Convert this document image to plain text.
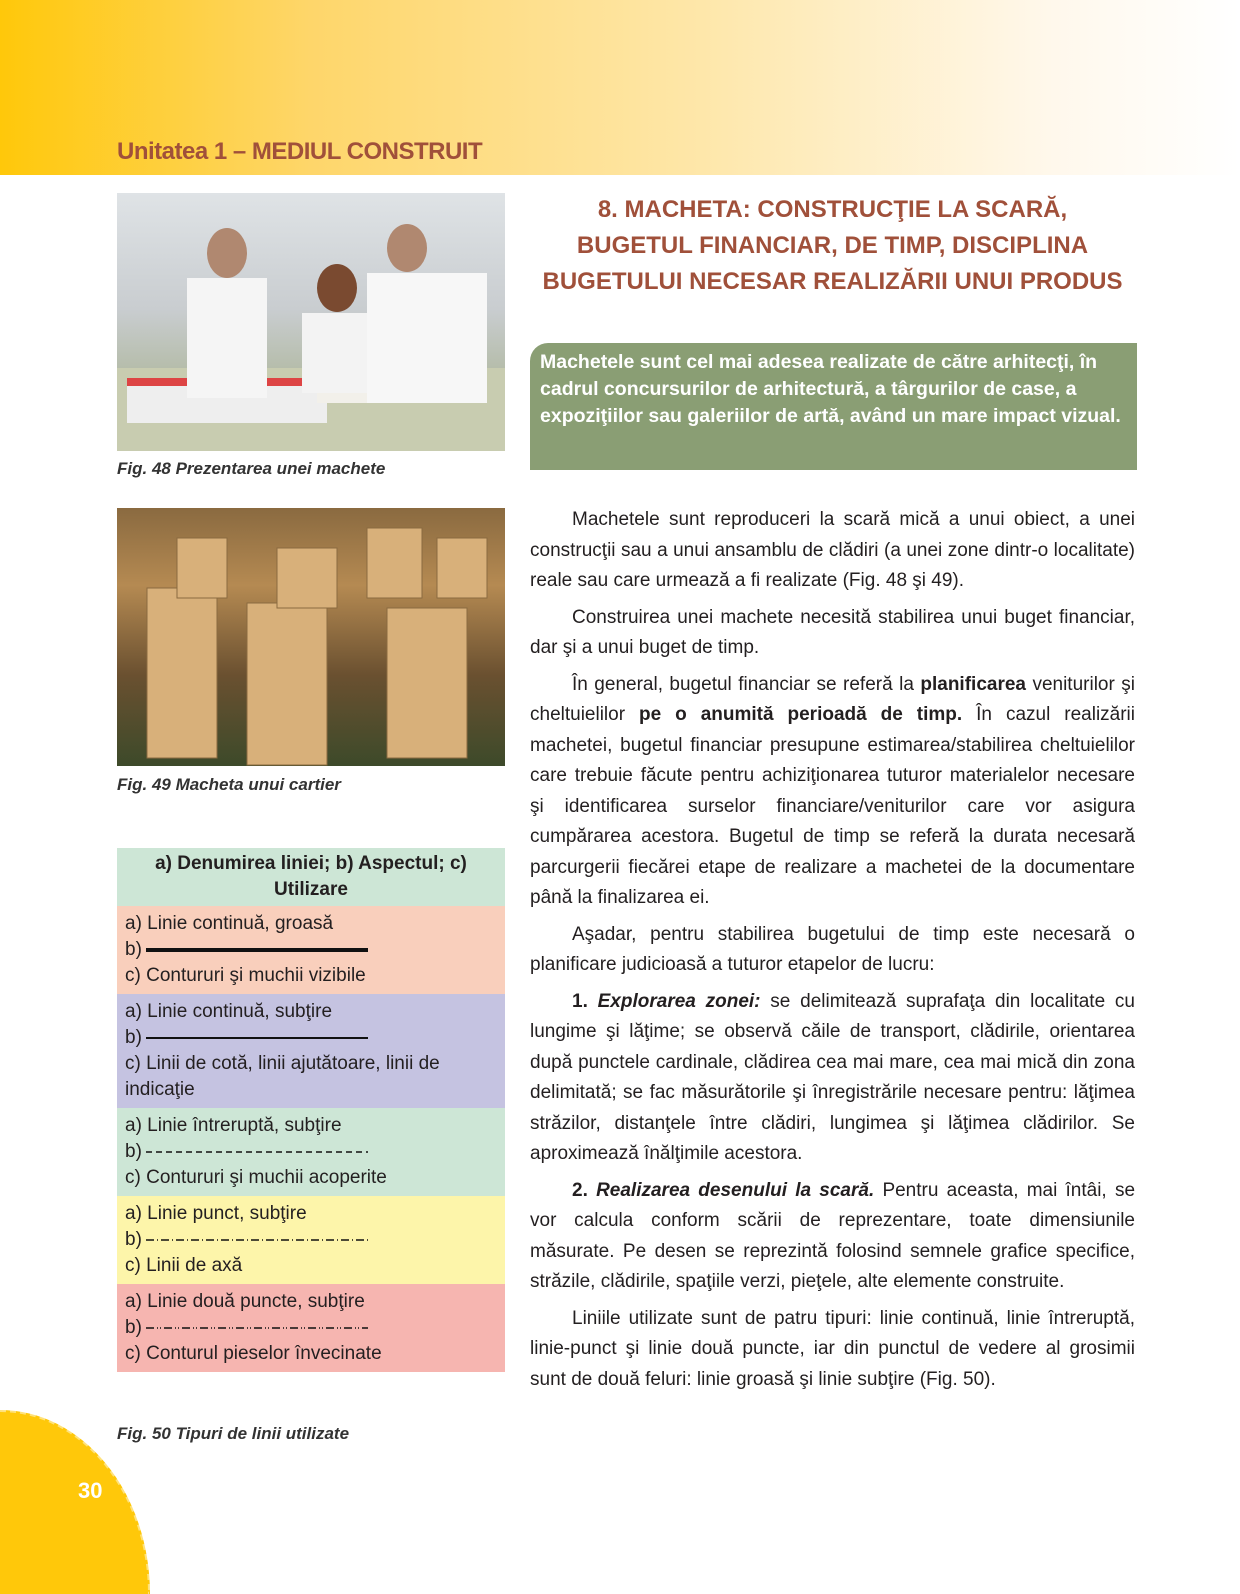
Unitatea 1 – MEDIUL CONSTRUIT
Fig. 48 Prezentarea unei machete
Fig. 49 Macheta unui cartier
8. MACHETA: CONSTRUCŢIE LA SCARĂ,
BUGETUL FINANCIAR, DE TIMP, DISCIPLINA
BUGETULUI NECESAR REALIZĂRII UNUI PRODUS
Machetele sunt cel mai adesea realizate de către arhitecţi, în cadrul concursurilor de arhitectură, a târgurilor de case, a expoziţiilor sau galeriilor de artă, având un mare impact vizual.

Machetele sunt reproduceri la scară mică a unui obiect, a unei construcţii sau a unui ansamblu de clădiri (a unei zone dintr-o localitate) reale sau care urmează a fi realizate (Fig. 48 şi 49).

Construirea unei machete necesită stabilirea unui buget financiar, dar şi a unui buget de timp.

În general, bugetul financiar se referă la planificarea veniturilor şi cheltuielilor pe o anumită perioadă de timp. În cazul realizării machetei, bugetul financiar presupune estimarea/stabilirea cheltuielilor care trebuie făcute pentru achiziţionarea tuturor materialelor necesare şi identificarea surselor financiare/veniturilor care vor asigura cumpărarea acestora. Bugetul de timp se referă la durata necesară parcurgerii fiecărei etape de realizare a machetei de la documentare până la finalizarea ei.

Aşadar, pentru stabilirea bugetului de timp este necesară o planificare judicioasă a tuturor etapelor de lucru:

1. Explorarea zonei: se delimitează suprafaţa din localitate cu lungime şi lăţime; se observă căile de transport, clădirile, orientarea după punctele cardinale, clădirea cea mai mare, cea mai mică din zona delimitată; se fac măsurătorile şi înregistrările necesare pentru: lăţimea străzilor, distanţele între clădiri, lungimea şi lăţimea clădirilor. Se aproximează înălţimile acestora.

2. Realizarea desenului la scară. Pentru aceasta, mai întâi, se vor calcula conform scării de reprezentare, toate dimensiunile măsurate. Pe desen se reprezintă folosind semnele grafice specifice, străzile, clădirile, spaţiile verzi, pieţele, alte elemente construite.

Liniile utilizate sunt de patru tipuri: linie continuă, linie întreruptă, linie-punct şi linie două puncte, iar din punctul de vedere al grosimii sunt de două feluri: linie groasă şi linie subţire (Fig. 50).

a) Denumirea liniei; b) Aspectul; c) Utilizare
a) Linie continuă, groasă
b)
c) Contururi şi muchii vizibile
a) Linie continuă, subţire
b)
c) Linii de cotă, linii ajutătoare, linii de indicaţie
a) Linie întreruptă, subţire
b)
c) Contururi şi muchii acoperite
a) Linie punct, subţire
b)
c) Linii de axă
a) Linie două puncte, subţire
b)
c) Conturul pieselor învecinate
Fig. 50 Tipuri de linii utilizate
30
